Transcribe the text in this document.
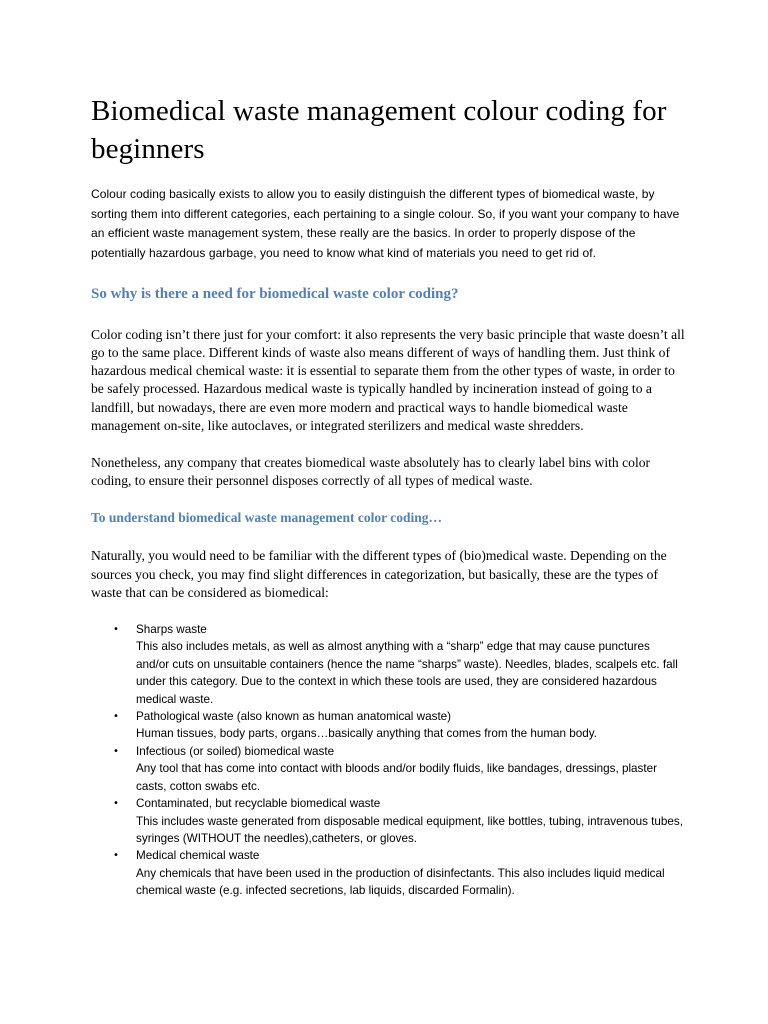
Biomedical waste management colour coding for beginners

Colour coding basically exists to allow you to easily distinguish the different types of biomedical waste, by sorting them into different categories, each pertaining to a single colour. So, if you want your company to have an efficient waste management system, these really are the basics. In order to properly dispose of the potentially hazardous garbage, you need to know what kind of materials you need to get rid of.

So why is there a need for biomedical waste color coding?

Color coding isn’t there just for your comfort: it also represents the very basic principle that waste doesn’t all go to the same place. Different kinds of waste also means different of ways of handling them. Just think of hazardous medical chemical waste: it is essential to separate them from the other types of waste, in order to be safely processed. Hazardous medical waste is typically handled by incineration instead of going to a landfill, but nowadays, there are even more modern and practical ways to handle biomedical waste management on-site, like autoclaves, or integrated sterilizers and medical waste shredders.

Nonetheless, any company that creates biomedical waste absolutely has to clearly label bins with color coding, to ensure their personnel disposes correctly of all types of medical waste.

To understand biomedical waste management color coding…

Naturally, you would need to be familiar with the different types of (bio)medical waste. Depending on the sources you check, you may find slight differences in categorization, but basically, these are the types of waste that can be considered as biomedical:

• Sharps waste
This also includes metals, as well as almost anything with a “sharp” edge that may cause punctures and/or cuts on unsuitable containers (hence the name “sharps” waste). Needles, blades, scalpels etc. fall under this category. Due to the context in which these tools are used, they are considered hazardous medical waste.
• Pathological waste (also known as human anatomical waste)
Human tissues, body parts, organs…basically anything that comes from the human body.
• Infectious (or soiled) biomedical waste
Any tool that has come into contact with bloods and/or bodily fluids, like bandages, dressings, plaster casts, cotton swabs etc.
• Contaminated, but recyclable biomedical waste
This includes waste generated from disposable medical equipment, like bottles, tubing, intravenous tubes, syringes (WITHOUT the needles),catheters, or gloves.
• Medical chemical waste
Any chemicals that have been used in the production of disinfectants. This also includes liquid medical chemical waste (e.g. infected secretions, lab liquids, discarded Formalin).
